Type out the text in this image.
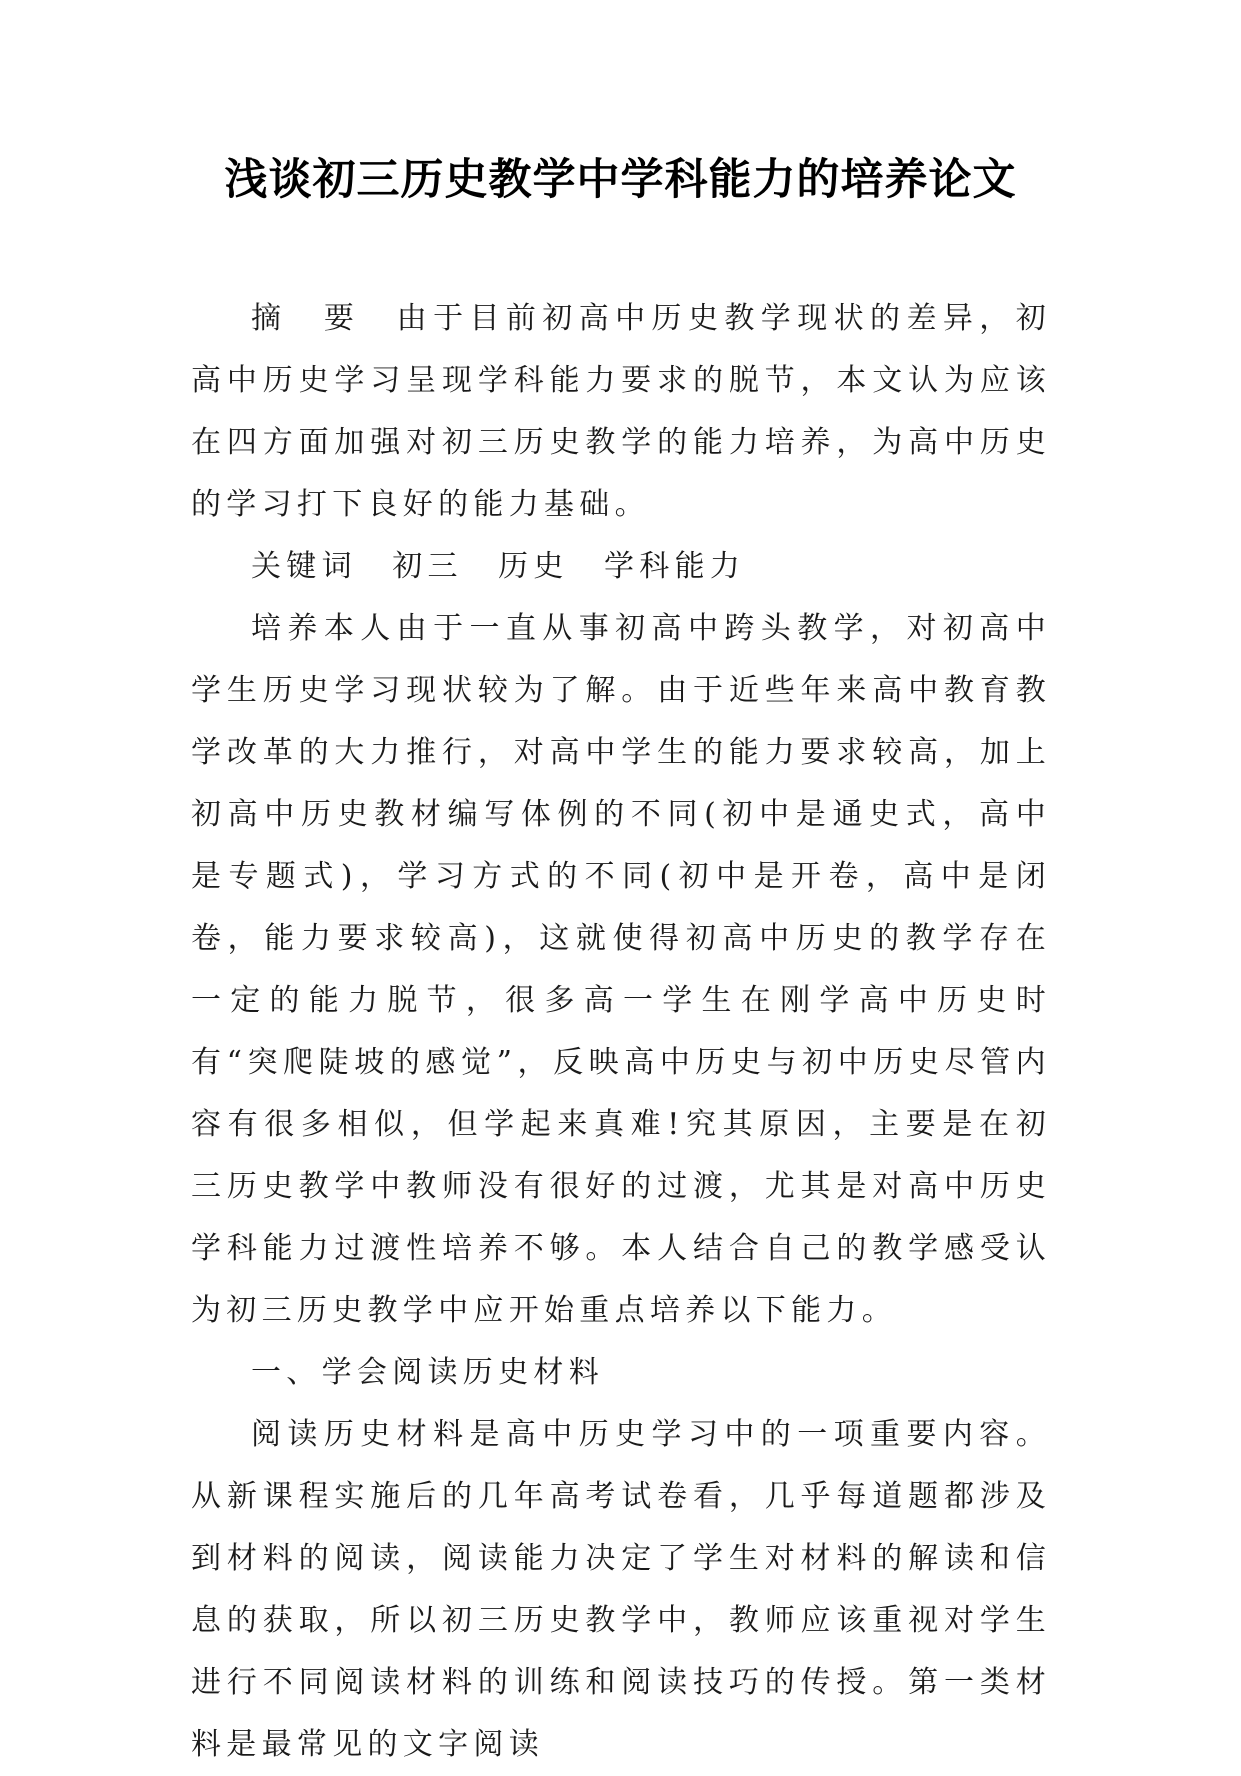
浅谈初三历史教学中学科能力的培养论文

摘　要　由于目前初高中历史教学现状的差异，初高中历史学习呈现学科能力要求的脱节，本文认为应该在四方面加强对初三历史教学的能力培养，为高中历史的学习打下良好的能力基础。

关键词　初三　历史　学科能力

培养本人由于一直从事初高中跨头教学，对初高中学生历史学习现状较为了解。由于近些年来高中教育教学改革的大力推行，对高中学生的能力要求较高，加上初高中历史教材编写体例的不同(初中是通史式，高中是专题式)，学习方式的不同(初中是开卷，高中是闭卷，能力要求较高)，这就使得初高中历史的教学存在一定的能力脱节，很多高一学生在刚学高中历史时有“突爬陡坡的感觉”，反映高中历史与初中历史尽管内容有很多相似，但学起来真难!究其原因，主要是在初三历史教学中教师没有很好的过渡，尤其是对高中历史学科能力过渡性培养不够。本人结合自己的教学感受认为初三历史教学中应开始重点培养以下能力。

一、学会阅读历史材料

阅读历史材料是高中历史学习中的一项重要内容。从新课程实施后的几年高考试卷看，几乎每道题都涉及到材料的阅读，阅读能力决定了学生对材料的解读和信息的获取，所以初三历史教学中，教师应该重视对学生进行不同阅读材料的训练和阅读技巧的传授。第一类材料是最常见的文字阅读
